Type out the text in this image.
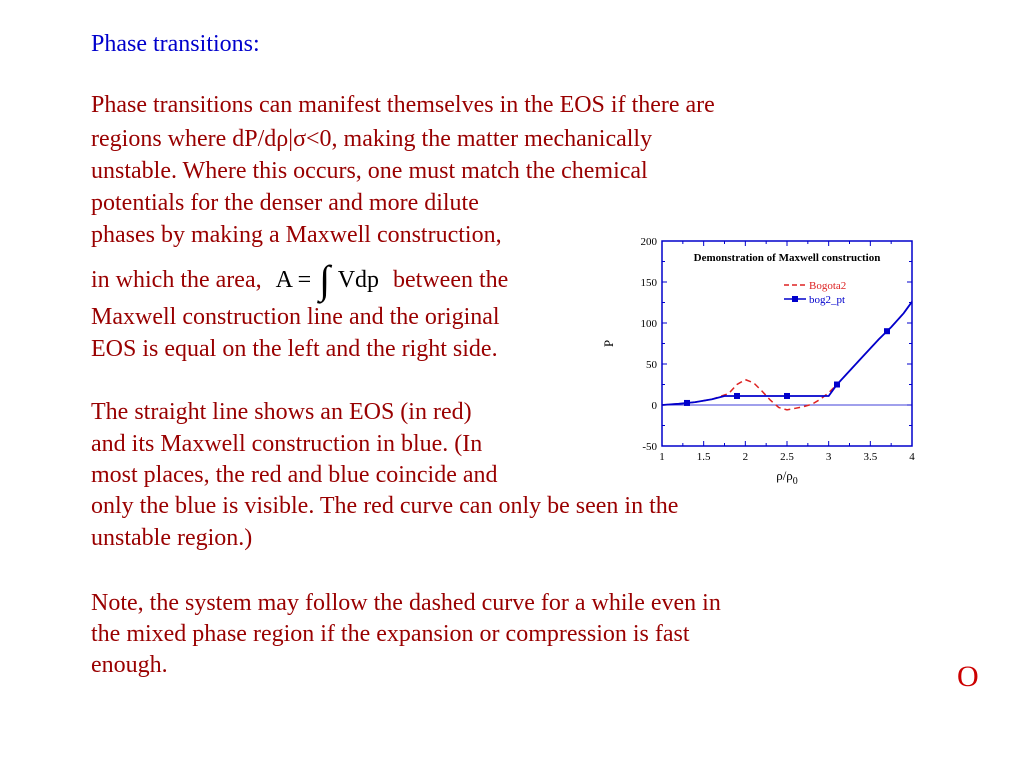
Phase transitions:
Phase transitions can manifest themselves in the EOS if there are
regions where dP/dρ|σ<0, making the matter mechanically
unstable. Where this occurs, one must match the chemical
potentials for the denser and more dilute
phases by making a Maxwell construction,
in which the area, A = ∫ Vdp between the
Maxwell construction line and the original
EOS is equal on the left and the right side.
The straight line shows an EOS (in red)
and its Maxwell construction in blue. (In
most places, the red and blue coincide and
only the blue is visible. The red curve can only be seen in the
unstable region.)
Note, the system may follow the dashed curve for a while even in
the mixed phase region if the expansion or compression is fast
enough.	O
1	1.5	2	2.5	3	3.5	4
200
150
100
50
0
-50
P
$\rho/\rho_0$
Demonstration of Maxwell construction
Bogota2
bog2_pt
